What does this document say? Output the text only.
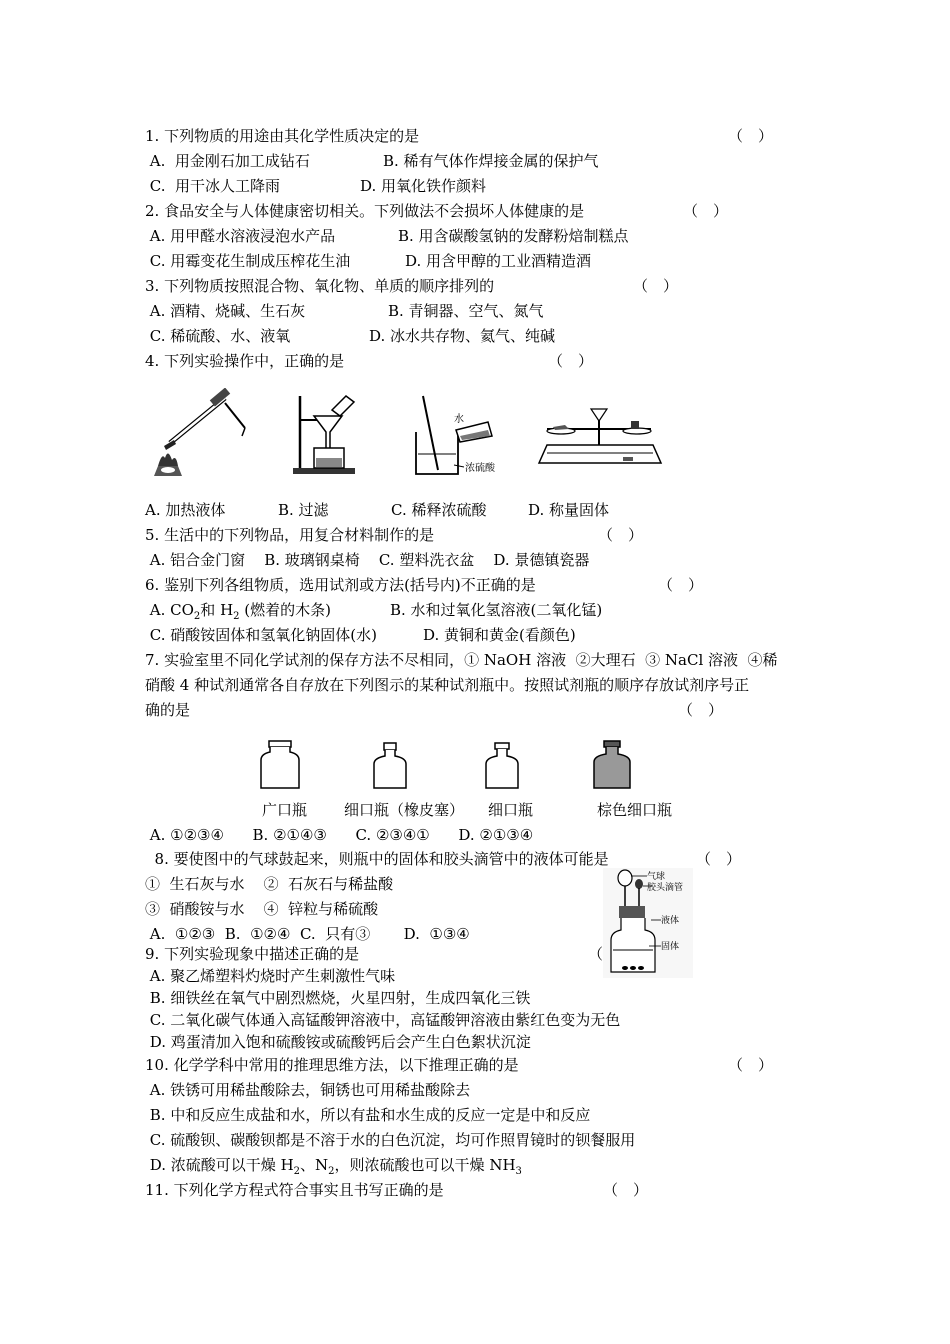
1. 下列物质的用途由其化学性质决定的是	（　）
A.  用金刚石加工成钻石	B. 稀有气体作焊接金属的保护气
C.  用干冰人工降雨	D. 用氧化铁作颜料
2. 食品安全与人体健康密切相关。下列做法不会损坏人体健康的是	（　）
A. 用甲醛水溶液浸泡水产品	B. 用含碳酸氢钠的发酵粉焙制糕点
C. 用霉变花生制成压榨花生油	D. 用含甲醇的工业酒精造酒
3. 下列物质按照混合物、氧化物、单质的顺序排列的	（　）
A. 酒精、烧碱、生石灰	B. 青铜器、空气、氮气
C. 稀硫酸、水、液氧	D. 冰水共存物、氦气、纯碱
4. 下列实验操作中，正确的是	（　）
水
浓硫酸
A. 加热液体	B. 过滤	C. 稀释浓硫酸	D. 称量固体
5. 生活中的下列物品，用复合材料制作的是	（　）
A. 铝合金门窗    B. 玻璃钢桌椅    C. 塑料洗衣盆    D. 景德镇瓷器
6. 鉴别下列各组物质，选用试剂或方法(括号内)不正确的是	（　）
A. $CO_2$和 $H_2$ (燃着的木条)	B. 水和过氧化氢溶液(二氧化锰)
C. 硝酸铵固体和氢氧化钠固体(水)	D. 黄铜和黄金(看颜色)
7. 实验室里不同化学试剂的保存方法不尽相同，① NaOH 溶液  ②大理石  ③ NaCl 溶液  ④稀
硝酸 4 种试剂通常各自存放在下列图示的某种试剂瓶中。按照试剂瓶的顺序存放试剂序号正
确的是	（　）
广口瓶 细口瓶（橡皮塞） 细口瓶	棕色细口瓶
A. ①②③④      B. ②①④③      C. ②③④①      D. ②①③④
8. 要使图中的气球鼓起来，则瓶中的固体和胶头滴管中的液体可能是	（　）
①  生石灰与水    ②  石灰石与稀盐酸
③  硝酸铵与水    ④  锌粒与稀硫酸
A.  ①②③  B.  ①②④  C.  只有③       D.  ①③④
气球
胶头滴管
液体
固体
9. 下列实验现象中描述正确的是	（
A. 聚乙烯塑料灼烧时产生刺激性气味
B. 细铁丝在氧气中剧烈燃烧，火星四射，生成四氧化三铁
C. 二氧化碳气体通入高锰酸钾溶液中，高锰酸钾溶液由紫红色变为无色
D. 鸡蛋清加入饱和硫酸铵或硫酸钙后会产生白色絮状沉淀
10. 化学学科中常用的推理思维方法，以下推理正确的是	（　）
A. 铁锈可用稀盐酸除去，铜锈也可用稀盐酸除去
B. 中和反应生成盐和水，所以有盐和水生成的反应一定是中和反应
C. 硫酸钡、碳酸钡都是不溶于水的白色沉淀，均可作照胃镜时的钡餐服用
D. 浓硫酸可以干燥 $H_2$、$N_2$，则浓硫酸也可以干燥 $NH_3$
11. 下列化学方程式符合事实且书写正确的是	（　）
